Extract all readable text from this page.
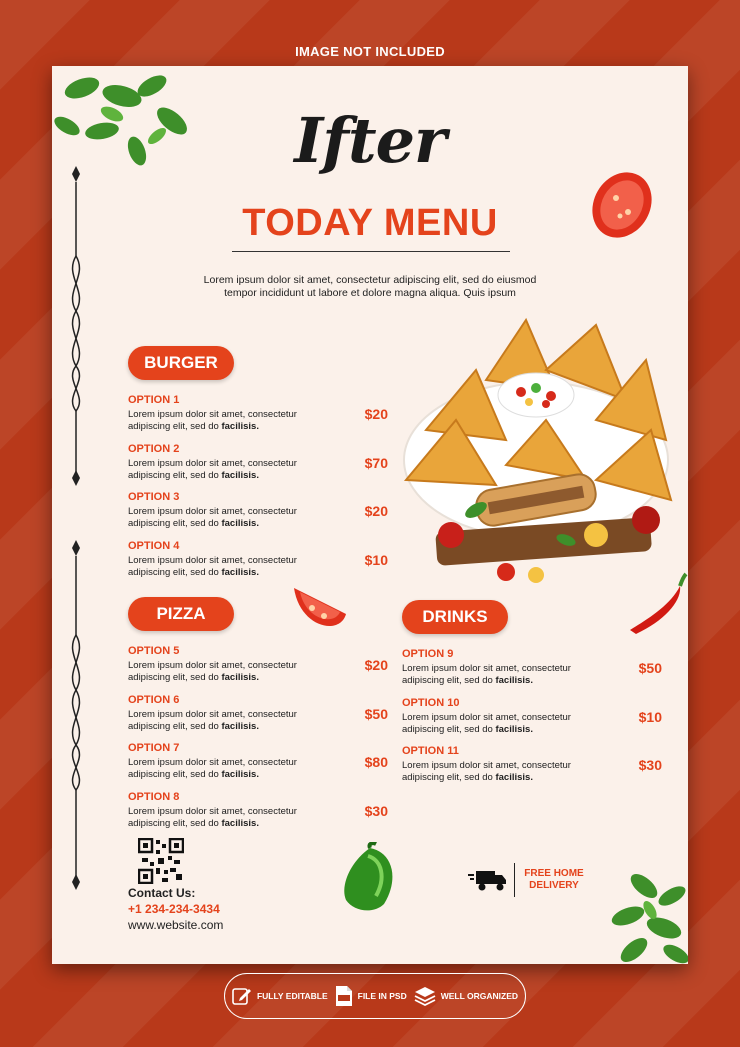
IMAGE NOT INCLUDED
Ifter
TODAY MENU
Lorem ipsum dolor sit amet, consectetur adipiscing elit, sed do eiusmod tempor incididunt ut labore et dolore magna aliqua. Quis ipsum
BURGER
PIZZA	DRINKS
Contact Us:
+1 234-234-3434
www.website.com
FREE HOME
DELIVERY
OPTION 1
Lorem ipsum dolor sit amet, consectetur adipiscing elit, sed do facilisis.
$20
OPTION 2
Lorem ipsum dolor sit amet, consectetur adipiscing elit, sed do facilisis.
$70
OPTION 3
Lorem ipsum dolor sit amet, consectetur adipiscing elit, sed do facilisis.
$20
OPTION 4
Lorem ipsum dolor sit amet, consectetur adipiscing elit, sed do facilisis.
$10
OPTION 5
Lorem ipsum dolor sit amet, consectetur adipiscing elit, sed do facilisis.
$20
OPTION 6
Lorem ipsum dolor sit amet, consectetur adipiscing elit, sed do facilisis.
$50
OPTION 7
Lorem ipsum dolor sit amet, consectetur adipiscing elit, sed do facilisis.
$80
OPTION 8
Lorem ipsum dolor sit amet, consectetur adipiscing elit, sed do facilisis.
$30
OPTION 9
Lorem ipsum dolor sit amet, consectetur adipiscing elit, sed do facilisis.
$50
OPTION 10
Lorem ipsum dolor sit amet, consectetur adipiscing elit, sed do facilisis.
$10
OPTION 11
Lorem ipsum dolor sit amet, consectetur adipiscing elit, sed do facilisis.
$30
FULLY EDITABLE	FILE IN PSD	WELL ORGANIZED
